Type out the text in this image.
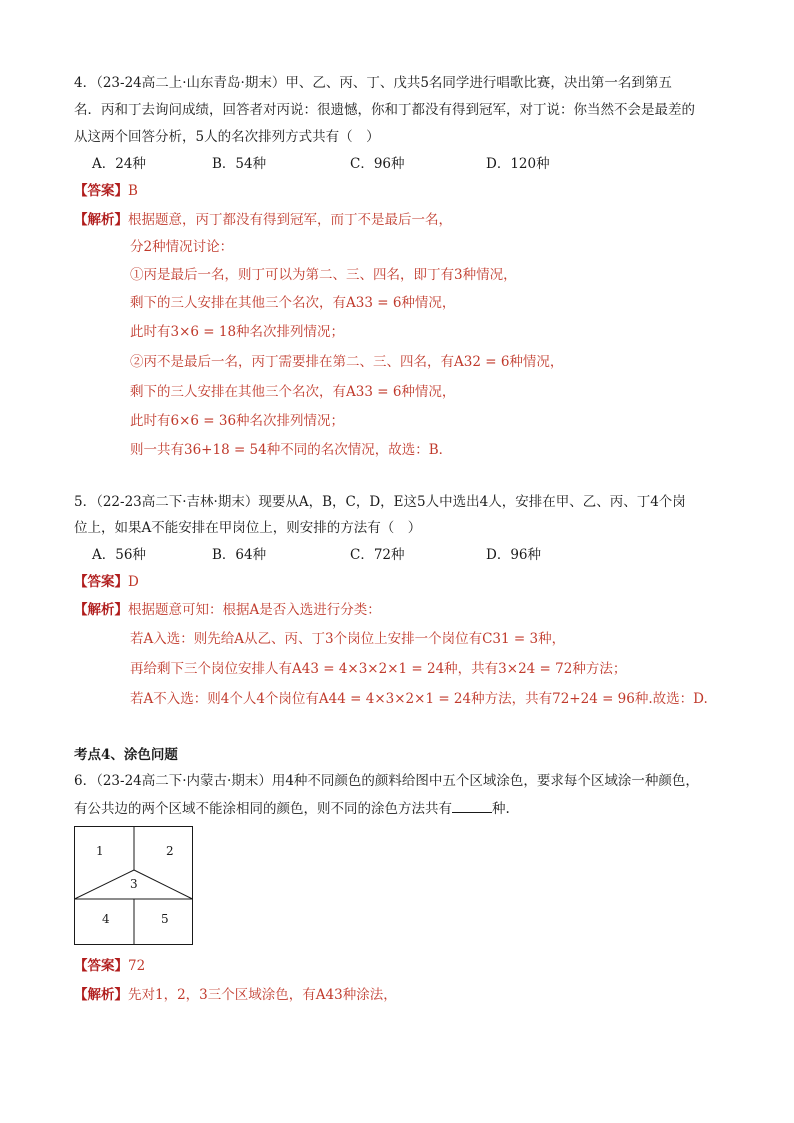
4．（23-24高二上·山东青岛·期末）甲、乙、丙、丁、戊共5名同学进行唱歌比赛，决出第一名到第五
名．丙和丁去询问成绩，回答者对丙说：很遗憾，你和丁都没有得到冠军，对丁说：你当然不会是最差的
从这两个回答分析，5人的名次排列方式共有（　）
A．24种	B．54种	C．96种	D．120种
【答案】B
【解析】根据题意，丙丁都没有得到冠军，而丁不是最后一名，
分2种情况讨论：
①丙是最后一名，则丁可以为第二、三、四名，即丁有3种情况，
剩下的三人安排在其他三个名次，有A33 = 6种情况，
此时有3×6 = 18种名次排列情况；
②丙不是最后一名，丙丁需要排在第二、三、四名，有A32 = 6种情况，
剩下的三人安排在其他三个名次，有A33 = 6种情况，
此时有6×6 = 36种名次排列情况；
则一共有36+18 = 54种不同的名次情况，故选：B．
5．（22-23高二下·吉林·期末）现要从A，B，C，D，E这5人中选出4人，安排在甲、乙、丙、丁4个岗
位上，如果A不能安排在甲岗位上，则安排的方法有（　）
A．56种	B．64种	C．72种	D．96种
【答案】D
【解析】根据题意可知：根据A是否入选进行分类：
若A入选：则先给A从乙、丙、丁3个岗位上安排一个岗位有C31 = 3种，
再给剩下三个岗位安排人有A43 = 4×3×2×1 = 24种，共有3×24 = 72种方法；
若A不入选：则4个人4个岗位有A44 = 4×3×2×1 = 24种方法，共有72+24 = 96种.故选：D.
考点4、涂色问题
6．（23-24高二下·内蒙古·期末）用4种不同颜色的颜料给图中五个区域涂色，要求每个区域涂一种颜色，
有公共边的两个区域不能涂相同的颜色，则不同的涂色方法共有	种.
1	2
3
4	5
【答案】72
【解析】先对1，2，3三个区域涂色，有A43种涂法，
